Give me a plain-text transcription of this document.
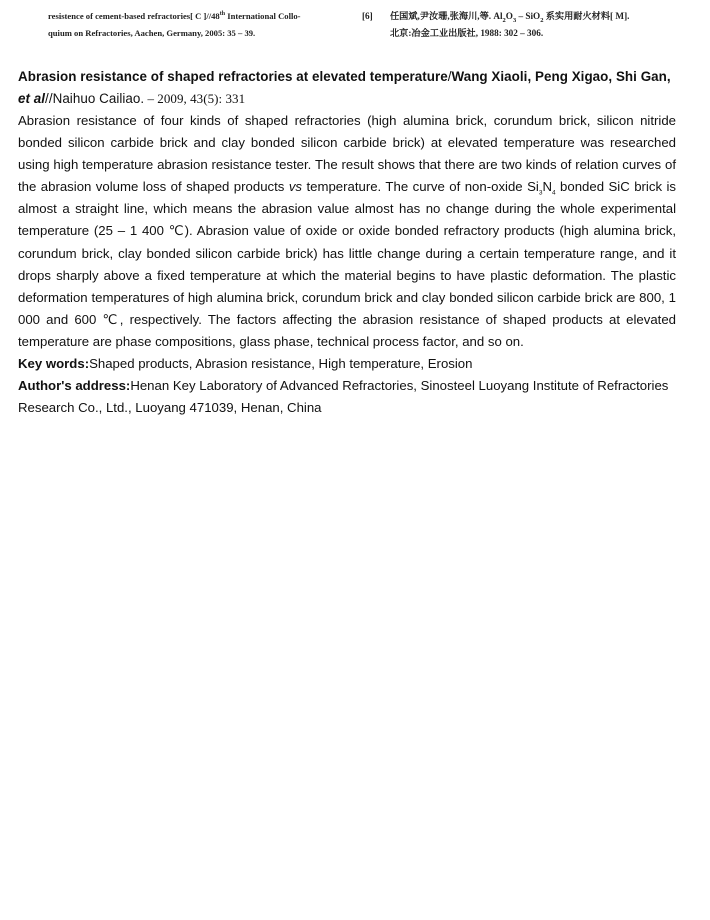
resistence of cement-based refractories[ C ]//48th International Collo-
quium on Refractories, Aachen, Germany, 2005: 35 – 39.
[6] 任国斌,尹汝珊,张海川,等. $Al_2O_3 - SiO_2$ 系实用耐火材料[ M].
北京:冶金工业出版社, 1988: 302 – 306.

Abrasion resistance of shaped refractories at elevated temperature/Wang Xiaoli, Peng Xigao, Shi Gan, et al//Naihuo Cailiao. – 2009, 43(5): 331

Abrasion resistance of four kinds of shaped refractories (high alumina brick, corundum brick, silicon nitride bonded silicon carbide brick and clay bonded silicon carbide brick) at elevated temperature was researched using high temperature abrasion resistance tester. The result shows that there are two kinds of relation curves of the abrasion volume loss of shaped products vs temperature. The curve of non-oxide $Si_3N_4$ bonded SiC brick is almost a straight line, which means the abrasion value almost has no change during the whole experimental temperature (25 – 1 400 ℃). Abrasion value of oxide or oxide bonded refractory products (high alumina brick, corundum brick, clay bonded silicon carbide brick) has little change during a certain temperature range, and it drops sharply above a fixed temperature at which the material begins to have plastic deformation. The plastic deformation temperatures of high alumina brick, corundum brick and clay bonded silicon carbide brick are 800, 1 000 and 600 ℃, respectively. The factors affecting the abrasion resistance of shaped products at elevated temperature are phase compositions, glass phase, technical process factor, and so on.

Key words:Shaped products, Abrasion resistance, High temperature, Erosion

Author's address:Henan Key Laboratory of Advanced Refractories, Sinosteel Luoyang Institute of Refractories Research Co., Ltd., Luoyang 471039, Henan, China
